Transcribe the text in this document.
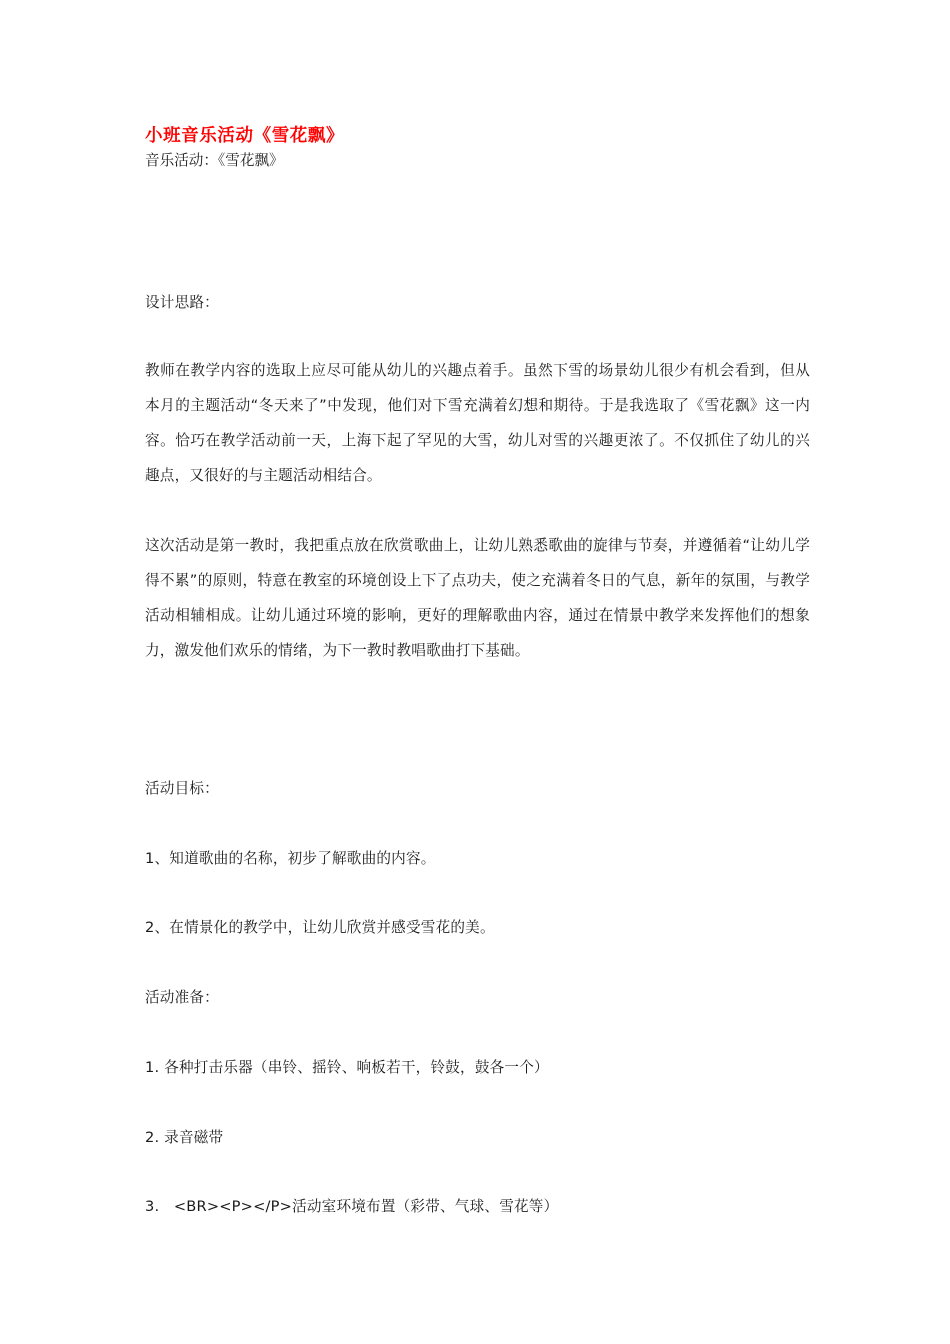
小班音乐活动《雪花飘》

音乐活动：《雪花飘》

设计思路：

教师在教学内容的选取上应尽可能从幼儿的兴趣点着手。虽然下雪的场景幼儿很少有机会看到，但从本月的主题活动“冬天来了”中发现，他们对下雪充满着幻想和期待。于是我选取了《雪花飘》这一内容。恰巧在教学活动前一天，上海下起了罕见的大雪，幼儿对雪的兴趣更浓了。不仅抓住了幼儿的兴趣点，又很好的与主题活动相结合。

这次活动是第一教时，我把重点放在欣赏歌曲上，让幼儿熟悉歌曲的旋律与节奏，并遵循着“让幼儿学得不累”的原则，特意在教室的环境创设上下了点功夫，使之充满着冬日的气息，新年的氛围，与教学活动相辅相成。让幼儿通过环境的影响，更好的理解歌曲内容，通过在情景中教学来发挥他们的想象力，激发他们欢乐的情绪，为下一教时教唱歌曲打下基础。

活动目标：

1、知道歌曲的名称，初步了解歌曲的内容。

2、在情景化的教学中，让幼儿欣赏并感受雪花的美。

活动准备：

1. 各种打击乐器（串铃、摇铃、响板若干，铃鼓，鼓各一个）

2. 录音磁带

3.   <BR><P></P>活动室环境布置（彩带、气球、雪花等）
